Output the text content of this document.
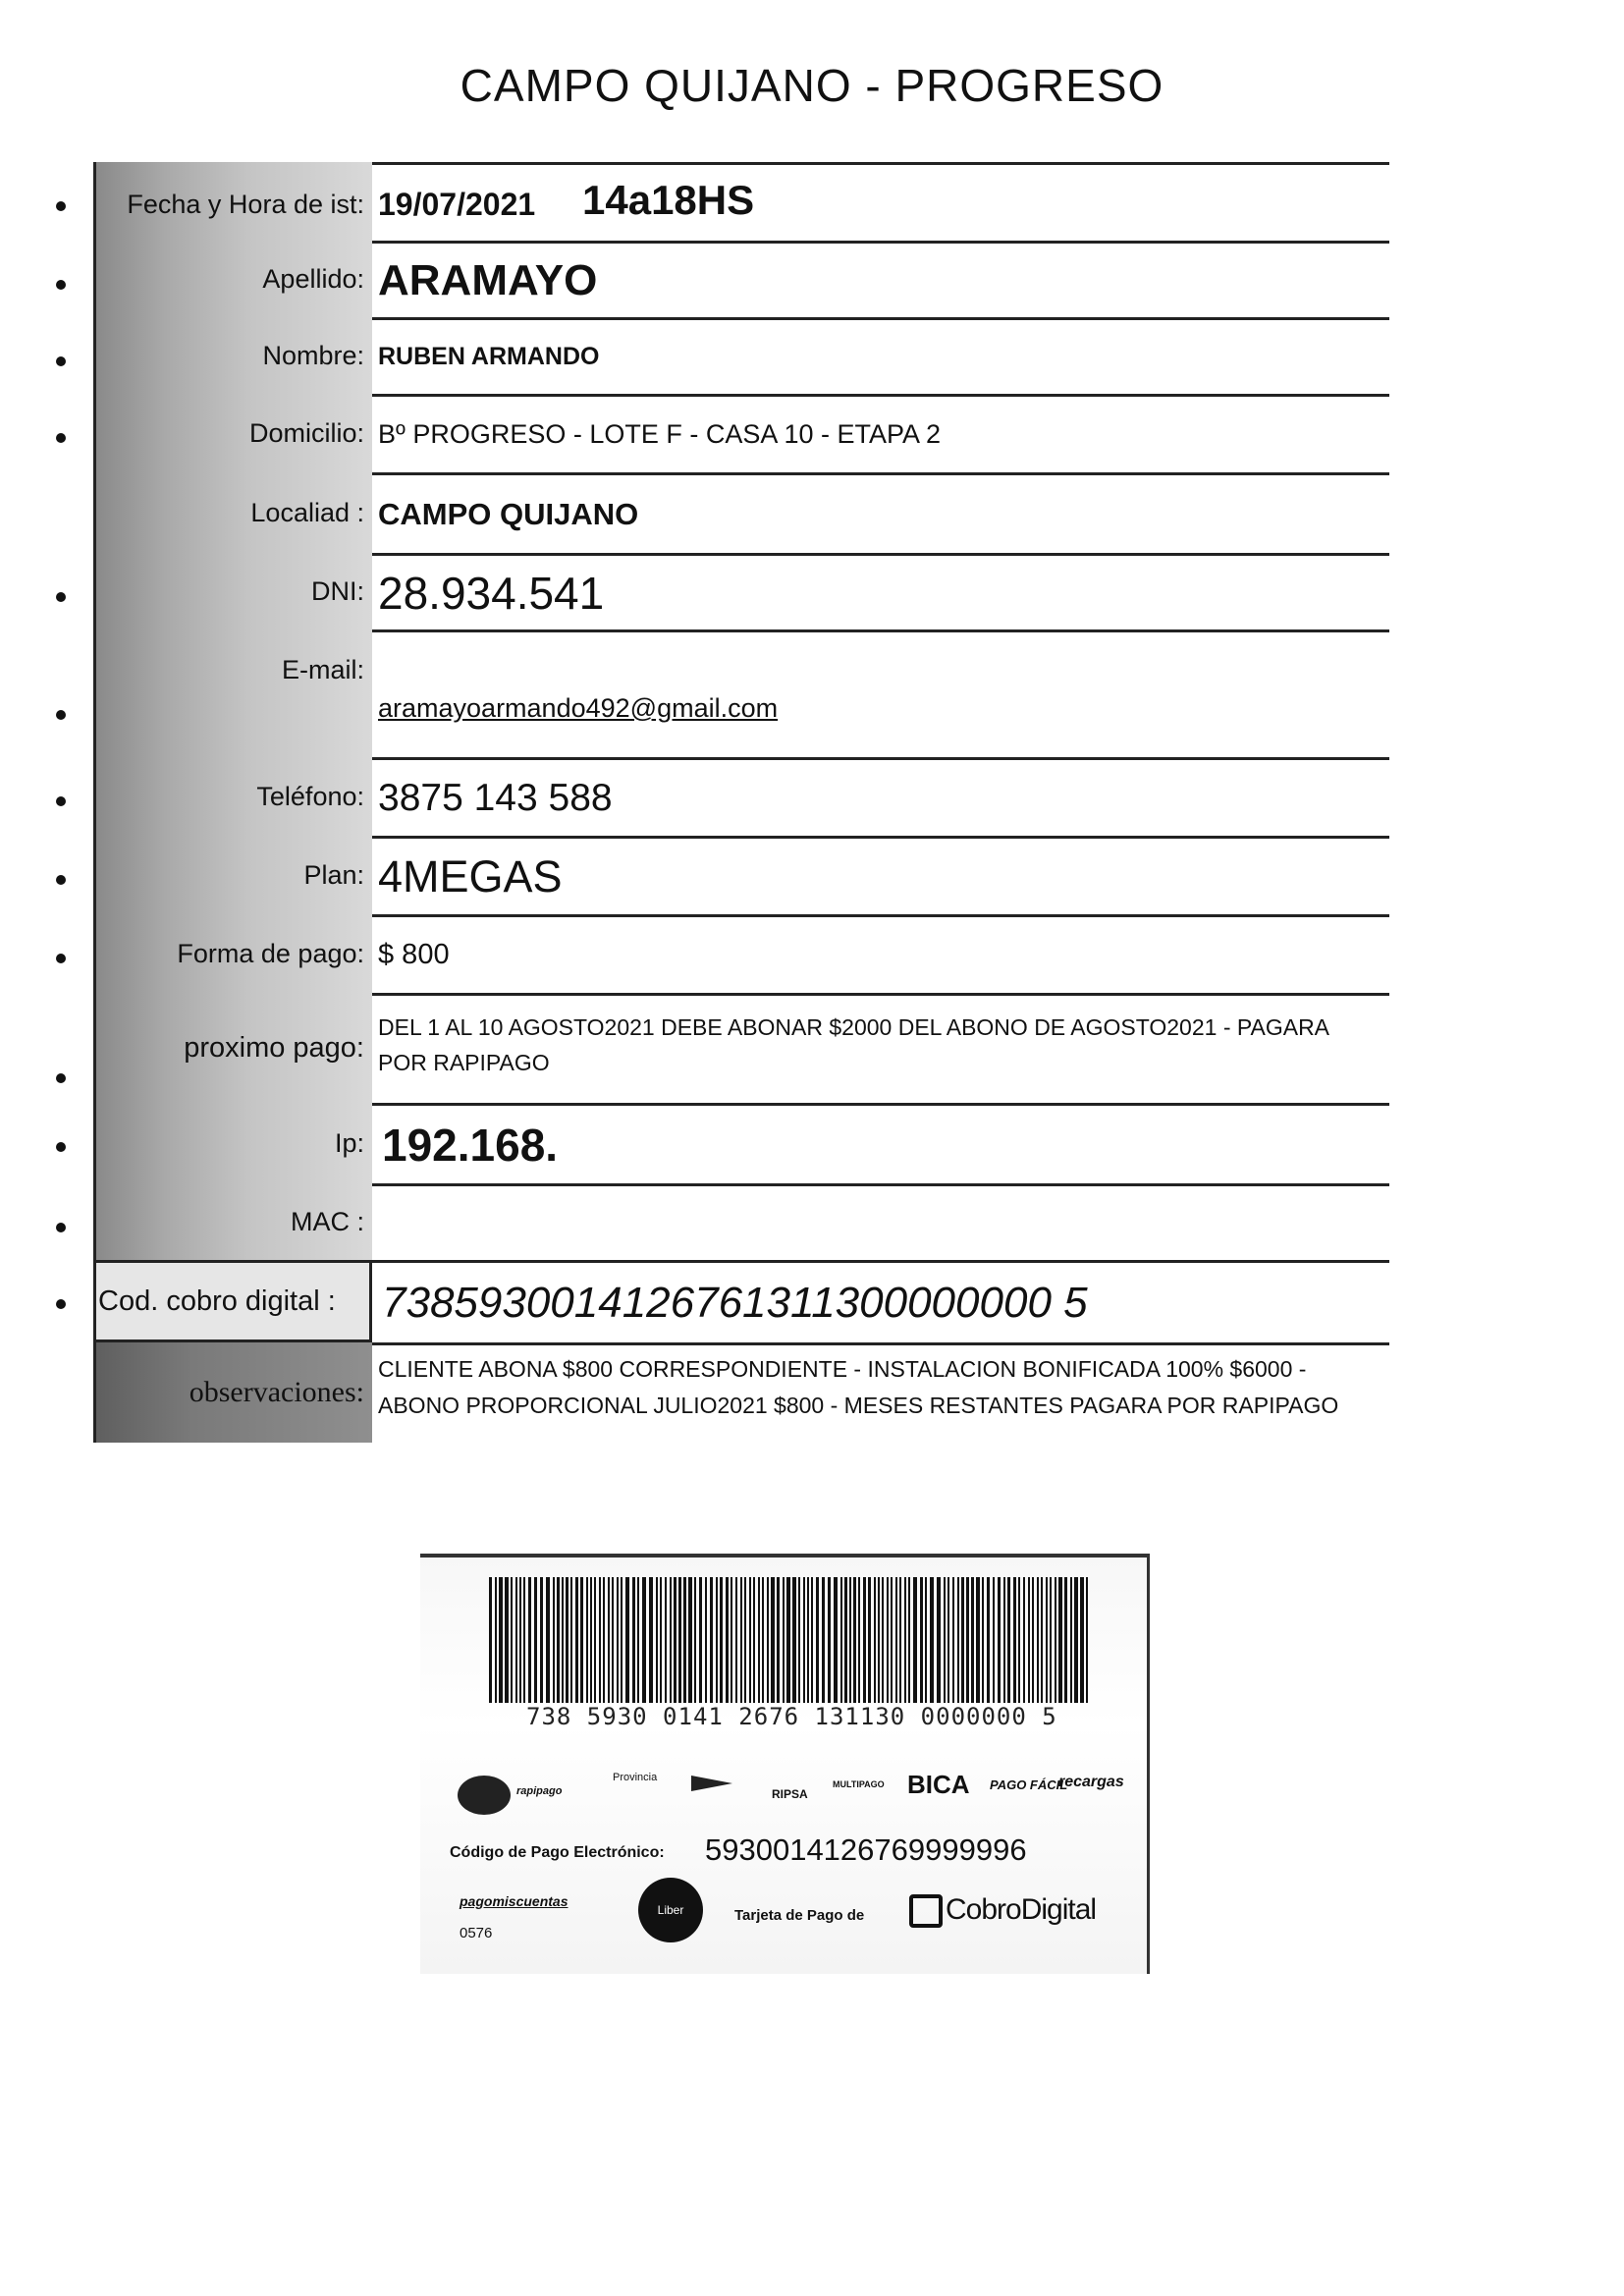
CAMPO QUIJANO - PROGRESO
Fecha y Hora de ist: 19/07/2021 14a18HS
Apellido: ARAMAYO
Nombre: RUBEN ARMANDO
Domicilio: Bº PROGRESO - LOTE F - CASA 10 - ETAPA 2
Localiad : CAMPO QUIJANO
DNI: 28.934.541
E-mail:
aramayoarmando492@gmail.com
Teléfono: 3875 143 588
Plan: 4MEGAS
Forma de pago: $ 800
proximo pago:
DEL 1 AL 10 AGOSTO2021 DEBE ABONAR $2000 DEL ABONO DE AGOSTO2021 - PAGARA POR RAPIPAGO
Ip: 192.168.
MAC :
Cod. cobro digital :	7385930014126761311300000000 5
observaciones:
CLIENTE ABONA $800 CORRESPONDIENTE - INSTALACION BONIFICADA 100% $6000 - ABONO PROPORCIONAL JULIO2021 $800 - MESES RESTANTES PAGARA POR RAPIPAGO
738 5930 0141 2676 131130 0000000 5
rapipago
Provincia
RIPSA
MULTIPAGO BICA PAGO FÁCIL
recargas
Código de Pago Electrónico: 5930014126769999996
pagomiscuentas
0576
Liber	Tarjeta de Pago de	CobroDigital
